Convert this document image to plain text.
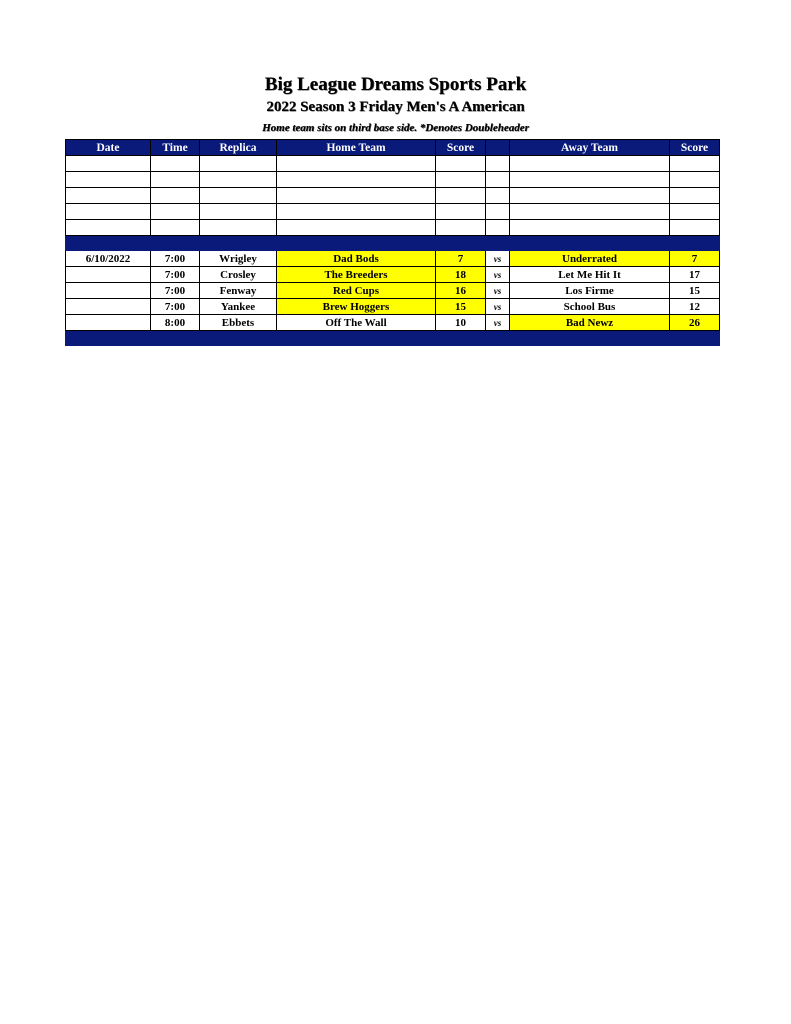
Big League Dreams Sports Park
2022 Season 3 Friday Men's A American
Home team sits on third base side. *Denotes Doubleheader
Date	Time	Replica	Home Team	Score		Away Team	Score

6/10/2022	7:00	Wrigley	Dad Bods	7	vs	Underrated	7
	7:00	Crosley	The Breeders	18	vs	Let Me Hit It	17
	7:00	Fenway	Red Cups	16	vs	Los Firme	15
	7:00	Yankee	Brew Hoggers	15	vs	School Bus	12
	8:00	Ebbets	Off The Wall	10	vs	Bad Newz	26
